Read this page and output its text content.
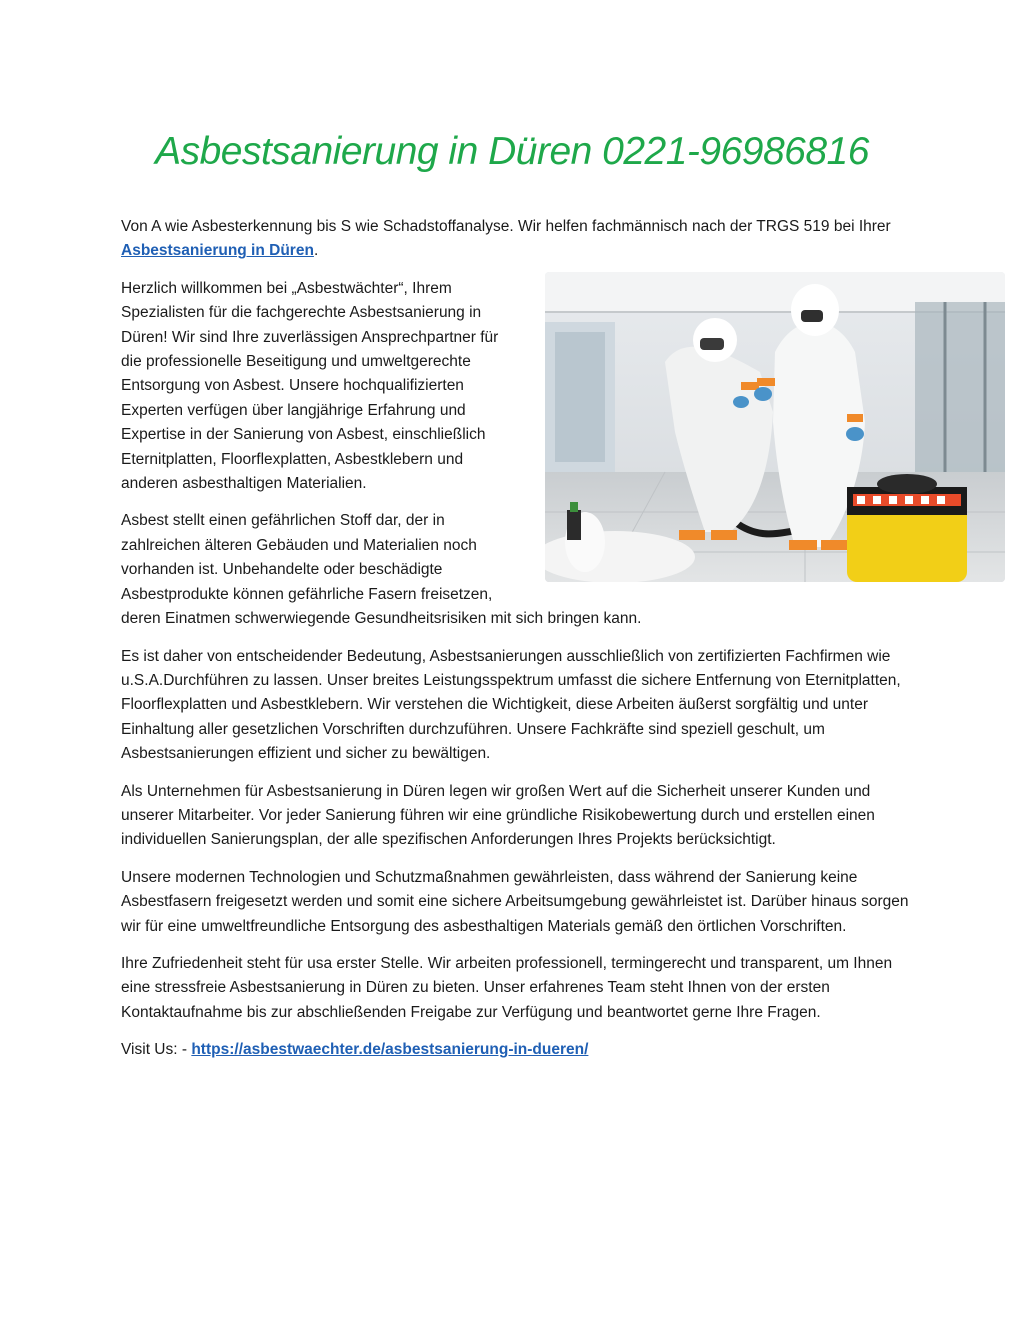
Asbestsanierung in Düren 0221-96986816

Von A wie Asbesterkennung bis S wie Schadstoffanalyse. Wir helfen fachmännisch nach der TRGS 519 bei Ihrer Asbestsanierung in Düren.

Herzlich willkommen bei „Asbestwächter“, Ihrem Spezialisten für die fachgerechte Asbestsanierung in Düren! Wir sind Ihre zuverlässigen Ansprechpartner für die professionelle Beseitigung und umweltgerechte Entsorgung von Asbest. Unsere hochqualifizierten Experten verfügen über langjährige Erfahrung und Expertise in der Sanierung von Asbest, einschließlich Eternitplatten, Floorflexplatten, Asbestklebern und anderen asbesthaltigen Materialien.

Asbest stellt einen gefährlichen Stoff dar, der in zahlreichen älteren Gebäuden und Materialien noch vorhanden ist. Unbehandelte oder beschädigte Asbestprodukte können gefährliche Fasern freisetzen, deren Einatmen schwerwiegende Gesundheitsrisiken mit sich bringen kann.

Es ist daher von entscheidender Bedeutung, Asbestsanierungen ausschließlich von zertifizierten Fachfirmen wie u.S.A.Durchführen zu lassen. Unser breites Leistungsspektrum umfasst die sichere Entfernung von Eternitplatten, Floorflexplatten und Asbestklebern. Wir verstehen die Wichtigkeit, diese Arbeiten äußerst sorgfältig und unter Einhaltung aller gesetzlichen Vorschriften durchzuführen. Unsere Fachkräfte sind speziell geschult, um Asbestsanierungen effizient und sicher zu bewältigen.

Als Unternehmen für Asbestsanierung in Düren legen wir großen Wert auf die Sicherheit unserer Kunden und unserer Mitarbeiter. Vor jeder Sanierung führen wir eine gründliche Risikobewertung durch und erstellen einen individuellen Sanierungsplan, der alle spezifischen Anforderungen Ihres Projekts berücksichtigt.

Unsere modernen Technologien und Schutzmaßnahmen gewährleisten, dass während der Sanierung keine Asbestfasern freigesetzt werden und somit eine sichere Arbeitsumgebung gewährleistet ist. Darüber hinaus sorgen wir für eine umweltfreundliche Entsorgung des asbesthaltigen Materials gemäß den örtlichen Vorschriften.

Ihre Zufriedenheit steht für usa erster Stelle. Wir arbeiten professionell, termingerecht und transparent, um Ihnen eine stressfreie Asbestsanierung in Düren zu bieten. Unser erfahrenes Team steht Ihnen von der ersten Kontaktaufnahme bis zur abschließenden Freigabe zur Verfügung und beantwortet gerne Ihre Fragen.

Visit Us: - https://asbestwaechter.de/asbestsanierung-in-dueren/
